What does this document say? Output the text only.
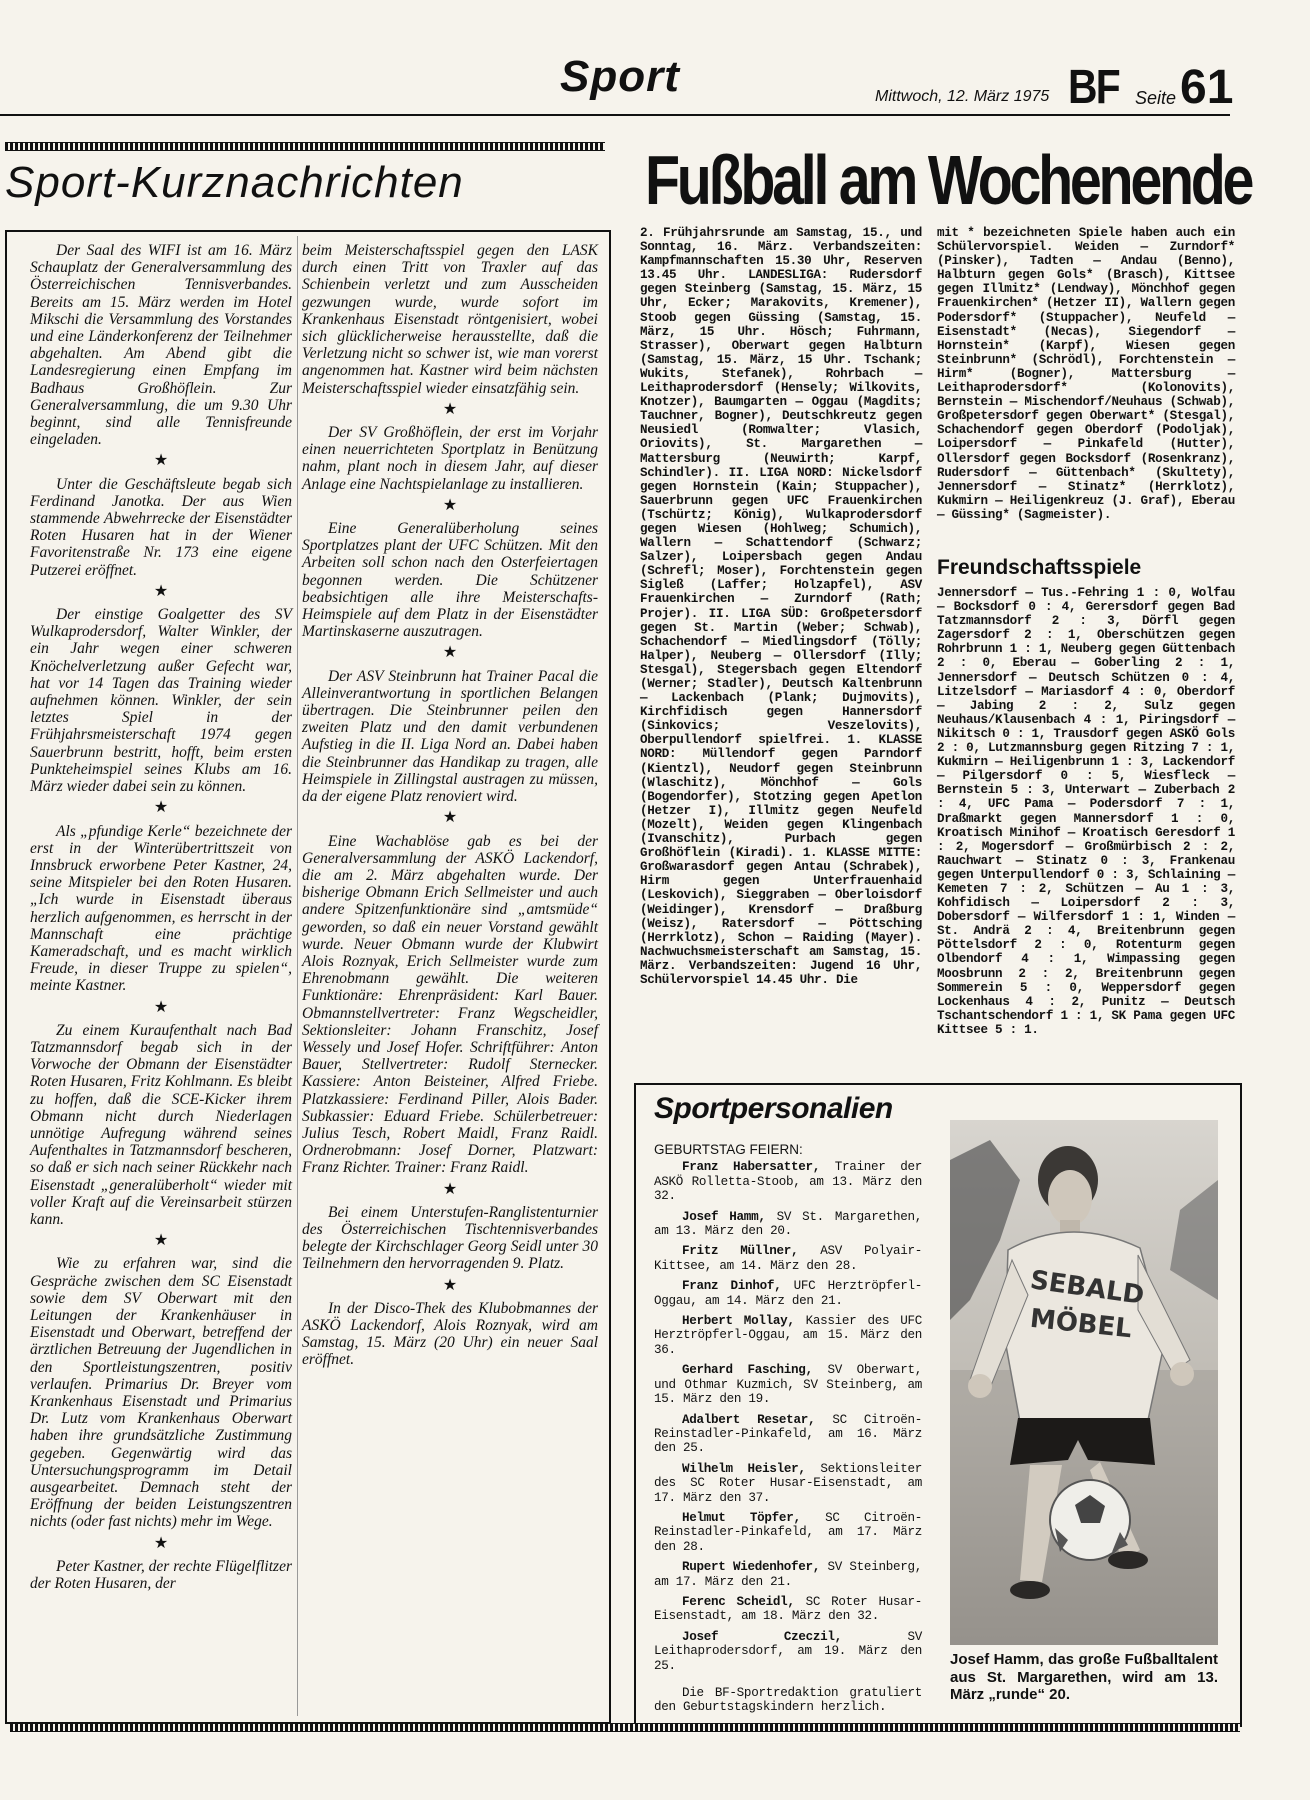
Sport	Mittwoch, 12. März 1975 BF Seite 61
Sport-Kurznachrichten	Fußball am Wochenende

Der Saal des WIFI ist am 16. März Schauplatz der Generalversammlung des Österreichischen Tennisverbandes. Bereits am 15. März werden im Hotel Mikschi die Versammlung des Vorstandes und eine Länderkonferenz der Teilnehmer abgehalten. Am Abend gibt die Landesregierung einen Empfang im Badhaus Großhöflein. Zur Generalversammlung, die um 9.30 Uhr beginnt, sind alle Tennisfreunde eingeladen.

★

Unter die Geschäftsleute begab sich Ferdinand Janotka. Der aus Wien stammende Abwehrrecke der Eisenstädter Roten Husaren hat in der Wiener Favoritenstraße Nr. 173 eine eigene Putzerei eröffnet.

★

Der einstige Goalgetter des SV Wulkaprodersdorf, Walter Winkler, der ein Jahr wegen einer schweren Knöchelverletzung außer Gefecht war, hat vor 14 Tagen das Training wieder aufnehmen können. Winkler, der sein letztes Spiel in der Frühjahrsmeisterschaft 1974 gegen Sauerbrunn bestritt, hofft, beim ersten Punkteheimspiel seines Klubs am 16. März wieder dabei sein zu können.

★

Als „pfundige Kerle“ bezeichnete der erst in der Winterübertrittszeit von Innsbruck erworbene Peter Kastner, 24, seine Mitspieler bei den Roten Husaren. „Ich wurde in Eisenstadt überaus herzlich aufgenommen, es herrscht in der Mannschaft eine prächtige Kameradschaft, und es macht wirklich Freude, in dieser Truppe zu spielen“, meinte Kastner.

★

Zu einem Kuraufenthalt nach Bad Tatzmannsdorf begab sich in der Vorwoche der Obmann der Eisenstädter Roten Husaren, Fritz Kohlmann. Es bleibt zu hoffen, daß die SCE-Kicker ihrem Obmann nicht durch Niederlagen unnötige Aufregung während seines Aufenthaltes in Tatzmannsdorf bescheren, so daß er sich nach seiner Rückkehr nach Eisenstadt „generalüberholt“ wieder mit voller Kraft auf die Vereinsarbeit stürzen kann.

★

Wie zu erfahren war, sind die Gespräche zwischen dem SC Eisenstadt sowie dem SV Oberwart mit den Leitungen der Krankenhäuser in Eisenstadt und Oberwart, betreffend der ärztlichen Betreuung der Jugendlichen in den Sportleistungszentren, positiv verlaufen. Primarius Dr. Breyer vom Krankenhaus Eisenstadt und Primarius Dr. Lutz vom Krankenhaus Oberwart haben ihre grundsätzliche Zustimmung gegeben. Gegenwärtig wird das Untersuchungsprogramm im Detail ausgearbeitet. Demnach steht der Eröffnung der beiden Leistungszentren nichts (oder fast nichts) mehr im Wege.

★

Peter Kastner, der rechte Flügelflitzer der Roten Husaren, der

beim Meisterschaftsspiel gegen den LASK durch einen Tritt von Traxler auf das Schienbein verletzt und zum Ausscheiden gezwungen wurde, wurde sofort im Krankenhaus Eisenstadt röntgenisiert, wobei sich glücklicherweise herausstellte, daß die Verletzung nicht so schwer ist, wie man vorerst angenommen hat. Kastner wird beim nächsten Meisterschaftsspiel wieder einsatzfähig sein.

★

Der SV Großhöflein, der erst im Vorjahr einen neuerrichteten Sportplatz in Benützung nahm, plant noch in diesem Jahr, auf dieser Anlage eine Nachtspielanlage zu installieren.

★

Eine Generalüberholung seines Sportplatzes plant der UFC Schützen. Mit den Arbeiten soll schon nach den Osterfeiertagen begonnen werden. Die Schützener beabsichtigen alle ihre Meisterschafts-Heimspiele auf dem Platz in der Eisenstädter Martinskaserne auszutragen.

★

Der ASV Steinbrunn hat Trainer Pacal die Alleinverantwortung in sportlichen Belangen übertragen. Die Steinbrunner peilen den zweiten Platz und den damit verbundenen Aufstieg in die II. Liga Nord an. Dabei haben die Steinbrunner das Handikap zu tragen, alle Heimspiele in Zillingstal austragen zu müssen, da der eigene Platz renoviert wird.

★

Eine Wachablöse gab es bei der Generalversammlung der ASKÖ Lackendorf, die am 2. März abgehalten wurde. Der bisherige Obmann Erich Sellmeister und auch andere Spitzenfunktionäre sind „amtsmüde“ geworden, so daß ein neuer Vorstand gewählt wurde. Neuer Obmann wurde der Klubwirt Alois Roznyak, Erich Sellmeister wurde zum Ehrenobmann gewählt. Die weiteren Funktionäre: Ehrenpräsident: Karl Bauer. Obmannstellvertreter: Franz Wegscheidler, Sektionsleiter: Johann Franschitz, Josef Wessely und Josef Hofer. Schriftführer: Anton Bauer, Stellvertreter: Rudolf Sternecker. Kassiere: Anton Beisteiner, Alfred Friebe. Platzkassiere: Ferdinand Piller, Alois Bader. Subkassier: Eduard Friebe. Schülerbetreuer: Julius Tesch, Robert Maidl, Franz Raidl. Ordnerobmann: Josef Dorner, Platzwart: Franz Richter. Trainer: Franz Raidl.

★

Bei einem Unterstufen-Ranglistenturnier des Österreichischen Tischtennisverbandes belegte der Kirchschlager Georg Seidl unter 30 Teilnehmern den hervorragenden 9. Platz.

★

In der Disco-Thek des Klubobmannes der ASKÖ Lackendorf, Alois Roznyak, wird am Samstag, 15. März (20 Uhr) ein neuer Saal eröffnet.

2. Frühjahrsrunde am Samstag, 15., und Sonntag, 16. März. Verbandszeiten: Kampfmannschaften 15.30 Uhr, Reserven 13.45 Uhr. LANDESLIGA: Rudersdorf gegen Steinberg (Samstag, 15. März, 15 Uhr, Ecker; Marakovits, Kremener), Stoob gegen Güssing (Samstag, 15. März, 15 Uhr. Hösch; Fuhrmann, Strasser), Oberwart gegen Halbturn (Samstag, 15. März, 15 Uhr. Tschank; Wukits, Stefanek), Rohrbach — Leithaprodersdorf (Hensely; Wilkovits, Knotzer), Baumgarten — Oggau (Magdits; Tauchner, Bogner), Deutschkreutz gegen Neusiedl (Romwalter; Vlasich, Oriovits), St. Margarethen — Mattersburg (Neuwirth; Karpf, Schindler). II. LIGA NORD: Nickelsdorf gegen Hornstein (Kain; Stuppacher), Sauerbrunn gegen UFC Frauenkirchen (Tschürtz; König), Wulkaprodersdorf gegen Wiesen (Hohlweg; Schumich), Wallern — Schattendorf (Schwarz; Salzer), Loipersbach gegen Andau (Schrefl; Moser), Forchtenstein gegen Sigleß (Laffer; Holzapfel), ASV Frauenkirchen — Zurndorf (Rath; Projer). II. LIGA SÜD: Großpetersdorf gegen St. Martin (Weber; Schwab), Schachendorf — Miedlingsdorf (Tölly; Halper), Neuberg — Ollersdorf (Illy; Stesgal), Stegersbach gegen Eltendorf (Werner; Stadler), Deutsch Kaltenbrunn — Lackenbach (Plank; Dujmovits), Kirchfidisch gegen Hannersdorf (Sinkovics; Veszelovits), Oberpullendorf spielfrei. 1. KLASSE NORD: Müllendorf gegen Parndorf (Kientzl), Neudorf gegen Steinbrunn (Wlaschitz), Mönchhof — Gols (Bogendorfer), Stotzing gegen Apetlon (Hetzer I), Illmitz gegen Neufeld (Mozelt), Weiden gegen Klingenbach (Ivanschitz), Purbach gegen Großhöflein (Kiradi). 1. KLASSE MITTE: Großwarasdorf gegen Antau (Schrabek), Hirm gegen Unterfrauenhaid (Leskovich), Sieggraben — Oberloisdorf (Weidinger), Krensdorf — Draßburg (Weisz), Ratersdorf — Pöttsching (Herrklotz), Schon — Raiding (Mayer). Nachwuchsmeisterschaft am Samstag, 15. März. Verbandszeiten: Jugend 16 Uhr, Schülervorspiel 14.45 Uhr. Die

mit * bezeichneten Spiele haben auch ein Schülervorspiel. Weiden — Zurndorf* (Pinsker), Tadten — Andau (Benno), Halbturn gegen Gols* (Brasch), Kittsee gegen Illmitz* (Lendway), Mönchhof gegen Frauenkirchen* (Hetzer II), Wallern gegen Podersdorf* (Stuppacher), Neufeld — Eisenstadt* (Necas), Siegendorf — Hornstein* (Karpf), Wiesen gegen Steinbrunn* (Schrödl), Forchtenstein — Hirm* (Bogner), Mattersburg — Leithaprodersdorf* (Kolonovits), Bernstein — Mischendorf/Neuhaus (Schwab), Großpetersdorf gegen Oberwart* (Stesgal), Schachendorf gegen Oberdorf (Podoljak), Loipersdorf — Pinkafeld (Hutter), Ollersdorf gegen Bocksdorf (Rosenkranz), Rudersdorf — Güttenbach* (Skultety), Jennersdorf — Stinatz* (Herrklotz), Kukmirn — Heiligenkreuz (J. Graf), Eberau — Güssing* (Sagmeister).

Freundschaftsspiele

Jennersdorf — Tus.-Fehring 1 : 0, Wolfau — Bocksdorf 0 : 4, Gerersdorf gegen Bad Tatzmannsdorf 2 : 3, Dörfl gegen Zagersdorf 2 : 1, Oberschützen gegen Rohrbrunn 1 : 1, Neuberg gegen Güttenbach 2 : 0, Eberau — Goberling 2 : 1, Jennersdorf — Deutsch Schützen 0 : 4, Litzelsdorf — Mariasdorf 4 : 0, Oberdorf — Jabing 2 : 2, Sulz gegen Neuhaus/Klausenbach 4 : 1, Piringsdorf — Nikitsch 0 : 1, Trausdorf gegen ASKÖ Gols 2 : 0, Lutzmannsburg gegen Ritzing 7 : 1, Kukmirn — Heiligenbrunn 1 : 3, Lackendorf — Pilgersdorf 0 : 5, Wiesfleck — Bernstein 5 : 3, Unterwart — Zuberbach 2 : 4, UFC Pama — Podersdorf 7 : 1, Draßmarkt gegen Mannersdorf 1 : 0, Kroatisch Minihof — Kroatisch Geresdorf 1 : 2, Mogersdorf — Großmürbisch 2 : 2, Rauchwart — Stinatz 0 : 3, Frankenau gegen Unterpullendorf 0 : 3, Schlaining — Kemeten 7 : 2, Schützen — Au 1 : 3, Kohfidisch — Loipersdorf 2 : 3, Dobersdorf — Wilfersdorf 1 : 1, Winden — St. Andrä 2 : 4, Breitenbrunn gegen Pöttelsdorf 2 : 0, Rotenturm gegen Olbendorf 4 : 1, Wimpassing gegen Moosbrunn 2 : 2, Breitenbrunn gegen Sommerein 5 : 0, Weppersdorf gegen Lockenhaus 4 : 2, Punitz — Deutsch Tschantschendorf 1 : 1, SK Pama gegen UFC Kittsee 5 : 1.

Sportpersonalien
GEBURTSTAG FEIERN:

Franz Habersatter, Trainer der ASKÖ Rolletta-Stoob, am 13. März den 32.

Josef Hamm, SV St. Margarethen, am 13. März den 20.

Fritz Müllner, ASV Polyair-Kittsee, am 14. März den 28.

Franz Dinhof, UFC Herztröpferl-Oggau, am 14. März den 21.

Herbert Mollay, Kassier des UFC Herztröpferl-Oggau, am 15. März den 36.

Gerhard Fasching, SV Oberwart, und Othmar Kuzmich, SV Steinberg, am 15. März den 19.

Adalbert Resetar, SC Citroën-Reinstadler-Pinkafeld, am 16. März den 25.

Wilhelm Heisler, Sektionsleiter des SC Roter Husar-Eisenstadt, am 17. März den 37.

Helmut Töpfer, SC Citroën-Reinstadler-Pinkafeld, am 17. März den 28.

Rupert Wiedenhofer, SV Steinberg, am 17. März den 21.

Ferenc Scheidl, SC Roter Husar-Eisenstadt, am 18. März den 32.

Josef Czeczil, SV Leithaprodersdorf, am 19. März den 25.

Die BF-Sportredaktion gratuliert den Geburtstagskindern herzlich.

SEBALD
MÖBEL
Josef Hamm, das große Fußballtalent aus St. Margarethen, wird am 13. März „runde“ 20.
